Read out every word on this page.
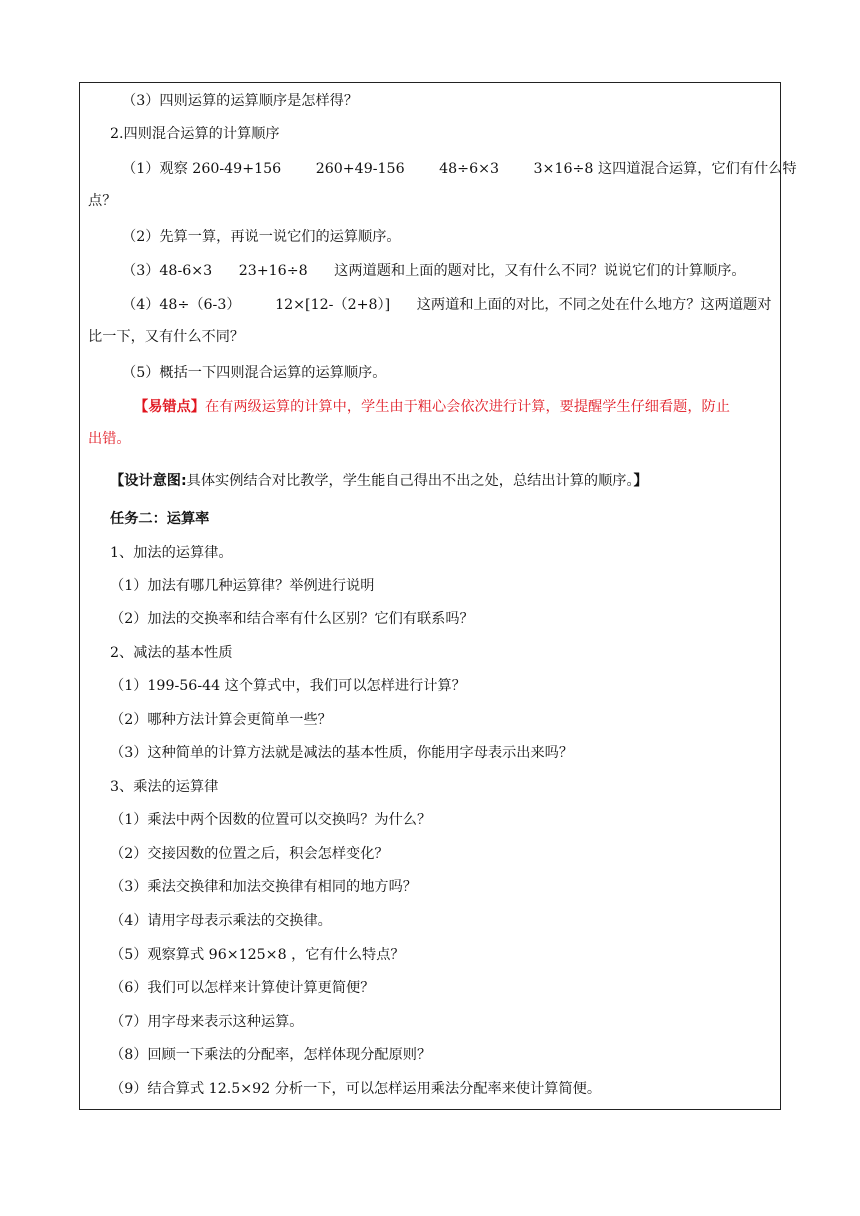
（3）四则运算的运算顺序是怎样得？
2.四则混合运算的计算顺序
（1）观察 260-49+156 260+49-156 48÷6×3 3×16÷8 这四道混合运算，它们有什么特
点？
（2）先算一算，再说一说它们的运算顺序。
（3）48-6×3 23+16÷8 这两道题和上面的题对比，又有什么不同？说说它们的计算顺序。
（4）48÷（6-3） 12×[12-（2+8）] 这两道和上面的对比，不同之处在什么地方？这两道题对
比一下，又有什么不同？
（5）概括一下四则混合运算的运算顺序。
【易错点】在有两级运算的计算中，学生由于粗心会依次进行计算，要提醒学生仔细看题，防止
出错。
【设计意图:具体实例结合对比教学，学生能自己得出不出之处，总结出计算的顺序。】
任务二：运算率
1、加法的运算律。
（1）加法有哪几种运算律？举例进行说明
（2）加法的交换率和结合率有什么区别？它们有联系吗？
2、减法的基本性质
（1）199-56-44 这个算式中，我们可以怎样进行计算？
（2）哪种方法计算会更简单一些？
（3）这种简单的计算方法就是减法的基本性质，你能用字母表示出来吗？
3、乘法的运算律
（1）乘法中两个因数的位置可以交换吗？为什么？
（2）交接因数的位置之后，积会怎样变化？
（3）乘法交换律和加法交换律有相同的地方吗？
（4）请用字母表示乘法的交换律。
（5）观察算式 96×125×8 ，它有什么特点？
（6）我们可以怎样来计算使计算更简便？
（7）用字母来表示这种运算。
（8）回顾一下乘法的分配率，怎样体现分配原则？
（9）结合算式 12.5×92 分析一下，可以怎样运用乘法分配率来使计算简便。
